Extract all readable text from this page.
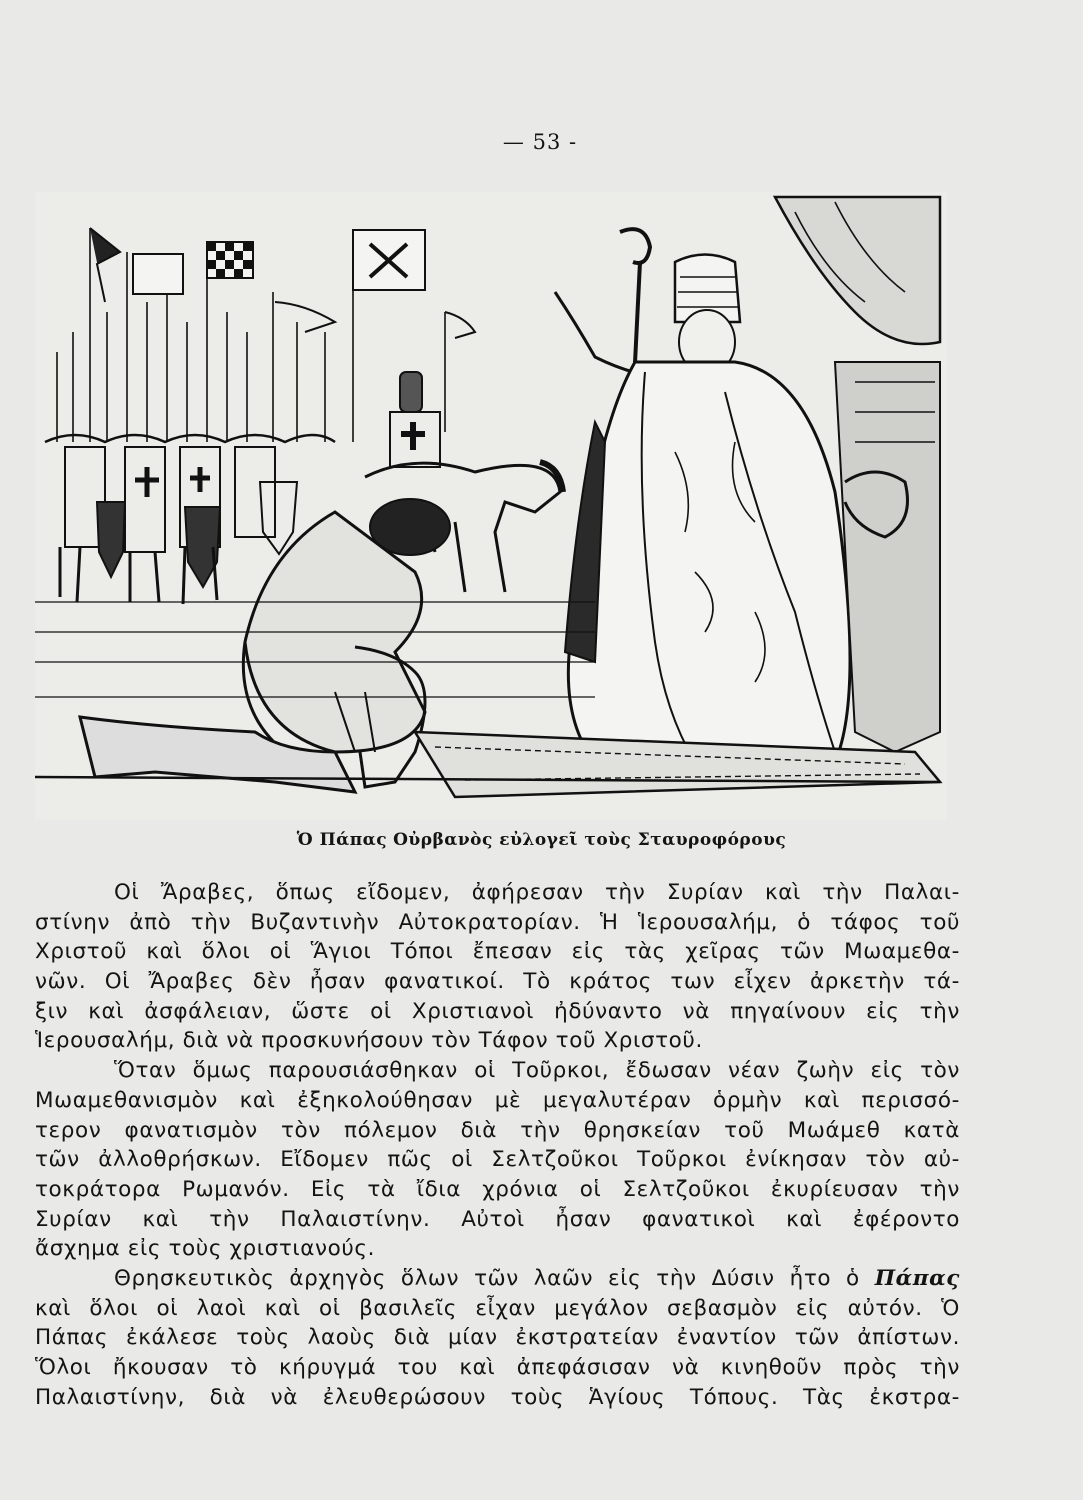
— 53 -
Ὁ Πάπας Οὐρβανὸς εὐλογεῖ τοὺς Σταυροφόρους
Οἱ Ἄραβες, ὅπως εἴδομεν, ἀφήρεσαν τὴν Συρίαν καὶ τὴν Παλαι-
στίνην ἀπὸ τὴν Βυζαντινὴν Αὐτοκρατορίαν. Ἡ Ἱερουσαλήμ, ὁ τάφος τοῦ
Χριστοῦ καὶ ὅλοι οἱ Ἅγιοι Τόποι ἔπεσαν εἰς τὰς χεῖρας τῶν Μωαμεθα-
νῶν. Οἱ Ἄραβες δὲν ἦσαν φανατικοί. Τὸ κράτος των εἶχεν ἀρκετὴν τά-
ξιν καὶ ἀσφάλειαν, ὥστε οἱ Χριστιανοὶ ἠδύναντο νὰ πηγαίνουν εἰς τὴν
Ἱερουσαλήμ, διὰ νὰ προσκυνήσουν τὸν Τάφον τοῦ Χριστοῦ.
Ὅταν ὅμως παρουσιάσθηκαν οἱ Τοῦρκοι, ἔδωσαν νέαν ζωὴν εἰς τὸν
Μωαμεθανισμὸν καὶ ἐξηκολούθησαν μὲ μεγαλυτέραν ὁρμὴν καὶ περισσό-
τερον φανατισμὸν τὸν πόλεμον διὰ τὴν θρησκείαν τοῦ Μωάμεθ κατὰ
τῶν ἀλλοθρήσκων. Εἴδομεν πῶς οἱ Σελτζοῦκοι Τοῦρκοι ἐνίκησαν τὸν αὐ-
τοκράτορα Ρωμανόν. Εἰς τὰ ἴδια χρόνια οἱ Σελτζοῦκοι ἐκυρίευσαν τὴν
Συρίαν καὶ τὴν Παλαιστίνην. Αὐτοὶ ἦσαν φανατικοὶ καὶ ἐφέροντο
ἄσχημα εἰς τοὺς χριστιανούς.
Θρησκευτικὸς ἀρχηγὸς ὅλων τῶν λαῶν εἰς τὴν Δύσιν ἦτο ὁ Πάπας
καὶ ὅλοι οἱ λαοὶ καὶ οἱ βασιλεῖς εἶχαν μεγάλον σεβασμὸν εἰς αὐτόν. Ὁ
Πάπας ἐκάλεσε τοὺς λαοὺς διὰ μίαν ἐκστρατείαν ἐναντίον τῶν ἀπίστων.
Ὅλοι ἤκουσαν τὸ κήρυγμά του καὶ ἀπεφάσισαν νὰ κινηθοῦν πρὸς τὴν
Παλαιστίνην, διὰ νὰ ἐλευθερώσουν τοὺς Ἁγίους Τόπους. Τὰς ἐκστρα-
